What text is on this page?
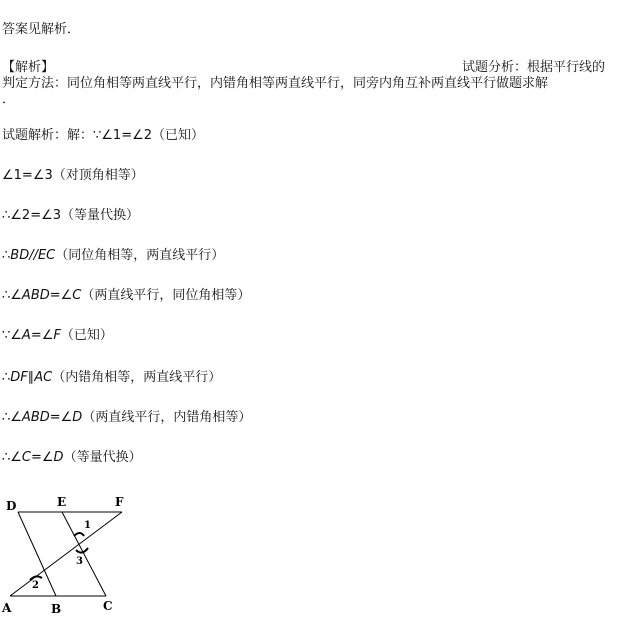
答案见解析．
【解析】	试题分析：根据平行线的
判定方法：同位角相等两直线平行，内错角相等两直线平行，同旁内角互补两直线平行做题求解
．
试题解析：解：∵∠1=∠2（已知）
∠1=∠3（对顶角相等）
∴∠2=∠3（等量代换）
∴BD//EC（同位角相等，两直线平行）
∴∠ABD=∠C（两直线平行，同位角相等）
∵∠A=∠F（已知）
∴DF∥AC（内错角相等，两直线平行）
∴∠ABD=∠D（两直线平行，内错角相等）
∴∠C=∠D（等量代换）
D	E	F
A	B	C
1
2
3
